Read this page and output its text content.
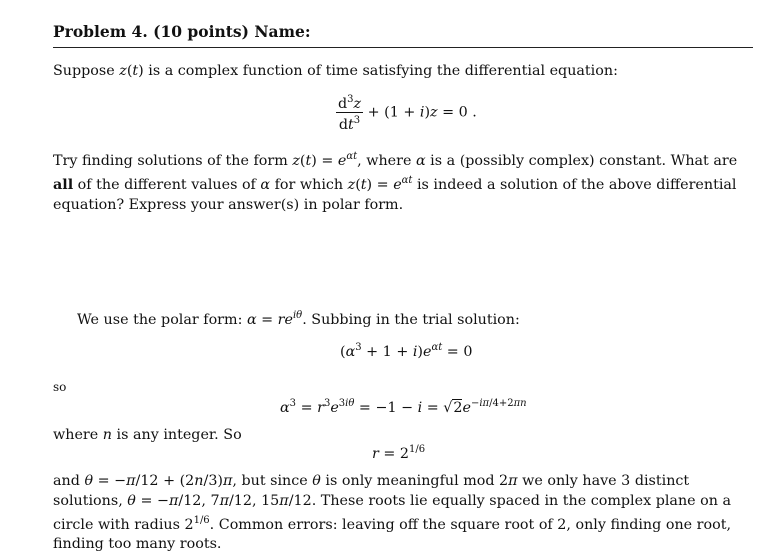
Problem 4. (10 points) Name:
Suppose z(t) is a complex function of time satisfying the differential equation:
$\frac{d^3z}{dt^3} + (1 + i)z = 0$ .
Try finding solutions of the form $z(t) = e^{\alpha t}$, where α is a (possibly complex) constant. What are all of the different values of α for which $z(t) = e^{\alpha t}$ is indeed a solution of the above differential equation? Express your answer(s) in polar form.
We use the polar form: $\alpha = re^{i\theta}$. Subbing in the trial solution:
$(\alpha^3 + 1 + i)e^{\alpha t} = 0$
so
$\alpha^3 = r^3e^{3i\theta} = -1 - i = √2e^{-i\pi/4+2\pi n}$
where n is any integer. So
$r = 2^{1/6}$
and θ = −π/12 + (2n/3)π, but since θ is only meaningful mod 2π we only have 3 distinct solutions, θ = −π/12, 7π/12, 15π/12. These roots lie equally spaced in the complex plane on a circle with radius $2^{1/6}$. Common errors: leaving off the square root of 2, only finding one root, finding too many roots.
